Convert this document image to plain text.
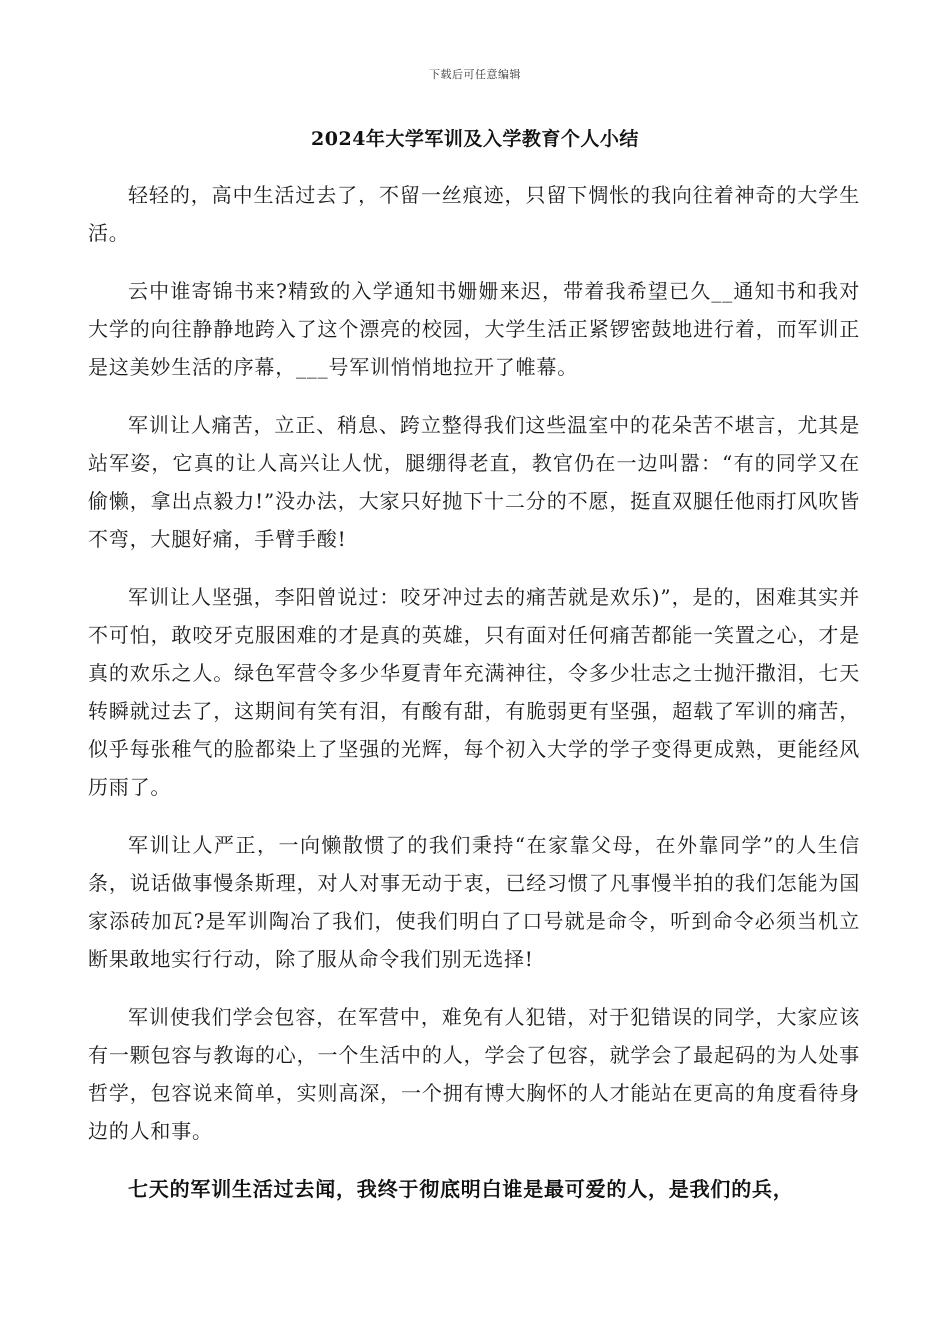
下载后可任意编辑
2024年大学军训及入学教育个人小结

轻轻的，高中生活过去了，不留一丝痕迹，只留下惆怅的我向往着神奇的大学生活。

云中谁寄锦书来?精致的入学通知书姗姗来迟，带着我希望已久__通知书和我对大学的向往静静地跨入了这个漂亮的校园，大学生活正紧锣密鼓地进行着，而军训正是这美妙生活的序幕，___号军训悄悄地拉开了帷幕。

军训让人痛苦，立正、稍息、跨立整得我们这些温室中的花朵苦不堪言，尤其是站军姿，它真的让人高兴让人忧，腿绷得老直，教官仍在一边叫嚣：“有的同学又在偷懒，拿出点毅力!”没办法，大家只好抛下十二分的不愿，挺直双腿任他雨打风吹皆不弯，大腿好痛，手臂手酸!

军训让人坚强，李阳曾说过：咬牙冲过去的痛苦就是欢乐)”，是的，困难其实并不可怕，敢咬牙克服困难的才是真的英雄，只有面对任何痛苦都能一笑置之心，才是真的欢乐之人。绿色军营令多少华夏青年充满神往，令多少壮志之士抛汗撒泪，七天转瞬就过去了，这期间有笑有泪，有酸有甜，有脆弱更有坚强，超载了军训的痛苦，似乎每张稚气的脸都染上了坚强的光辉，每个初入大学的学子变得更成熟，更能经风历雨了。

军训让人严正，一向懒散惯了的我们秉持“在家靠父母，在外靠同学”的人生信条，说话做事慢条斯理，对人对事无动于衷，已经习惯了凡事慢半拍的我们怎能为国家添砖加瓦?是军训陶冶了我们，使我们明白了口号就是命令，听到命令必须当机立断果敢地实行行动，除了服从命令我们别无选择!

军训使我们学会包容，在军营中，难免有人犯错，对于犯错误的同学，大家应该有一颗包容与教诲的心，一个生活中的人，学会了包容，就学会了最起码的为人处事哲学，包容说来简单，实则高深，一个拥有博大胸怀的人才能站在更高的角度看待身边的人和事。

七天的军训生活过去闻，我终于彻底明白谁是最可爱的人，是我们的兵，
